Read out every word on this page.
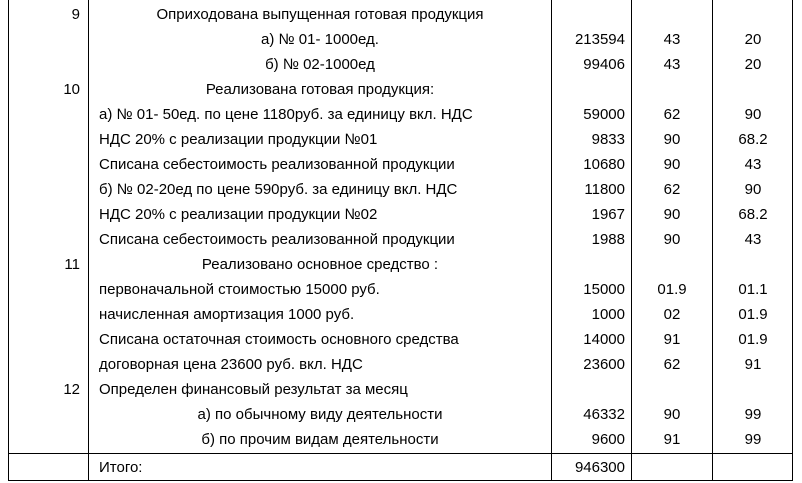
9	Оприходована выпущенная готовая продукция
а) № 01- 1000ед.	213594	43	20
б) № 02-1000ед	99406	43	20
10	Реализована готовая продукция:
а) № 01- 50ед. по цене 1180руб. за единицу вкл. НДС	59000	62	90
НДС 20% с реализации продукции №01	9833	90	68.2
Списана себестоимость реализованной продукции	10680	90	43
б) № 02-20ед по цене 590руб. за единицу вкл. НДС	11800	62	90
НДС 20% с реализации продукции №02	1967	90	68.2
Списана себестоимость реализованной продукции	1988	90	43
11	Реализовано основное средство :
первоначальной стоимостью 15000 руб.	15000	01.9	01.1
начисленная амортизация 1000 руб.	1000	02	01.9
Списана остаточная стоимость основного средства	14000	91	01.9
договорная цена 23600 руб. вкл. НДС	23600	62	91
12	Определен финансовый результат за месяц
а) по обычному виду деятельности	46332	90	99
б) по прочим видам деятельности	9600	91	99
Итого:	946300
